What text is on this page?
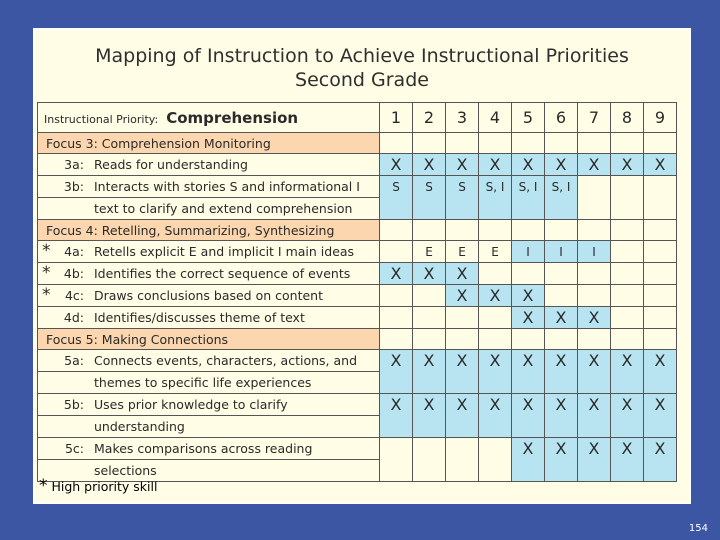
Mapping of Instruction to Achieve Instructional Priorities
Second Grade
Instructional Priority: Comprehension	1	2	3	4	5	6	7	8	9
Focus 3: Comprehension Monitoring									
3a: Reads for understanding	X	X	X	X	X	X	X	X	X
3b: Interacts with stories S and informational I	S	S	S	S, I	S, I	S, I			
text to clarify and extend comprehension									
Focus 4: Retelling, Summarizing, Synthesizing									

* 4a: Retells explicit E and implicit I main ideas		E	E	E	I	I	I		

* 4b: Identifies the correct sequence of events	X	X	X						

* 4c: Draws conclusions based on content			X	X	X				
4d: Identifies/discusses theme of text					X	X	X		
Focus 5: Making Connections									
5a: Connects events, characters, actions, and	X	X	X	X	X	X	X	X	X
themes to specific life experiences									
5b: Uses prior knowledge to clarify	X	X	X	X	X	X	X	X	X
understanding									
5c: Makes comparisons across reading					X	X	X	X	X
selections									
* High priority skill
154
